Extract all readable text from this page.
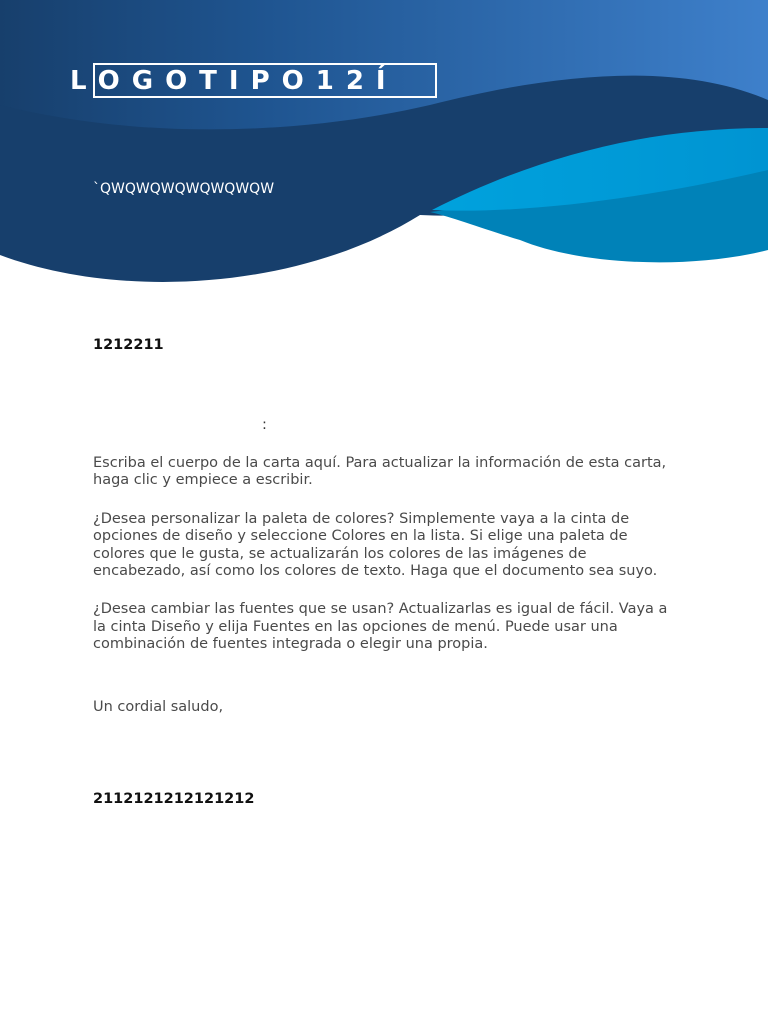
LOGOTIPO12Í
`QWQWQWQWQWQWQW
1212211
:

Escriba el cuerpo de la carta aquí. Para actualizar la información de esta carta, haga clic y empiece a escribir.

¿Desea personalizar la paleta de colores? Simplemente vaya a la cinta de opciones de diseño y seleccione Colores en la lista. Si elige una paleta de colores que le gusta, se actualizarán los colores de las imágenes de encabezado, así como los colores de texto. Haga que el documento sea suyo.

¿Desea cambiar las fuentes que se usan? Actualizarlas es igual de fácil. Vaya a la cinta Diseño y elija Fuentes en las opciones de menú. Puede usar una combinación de fuentes integrada o elegir una propia.

Un cordial saludo,
2112121212121212
